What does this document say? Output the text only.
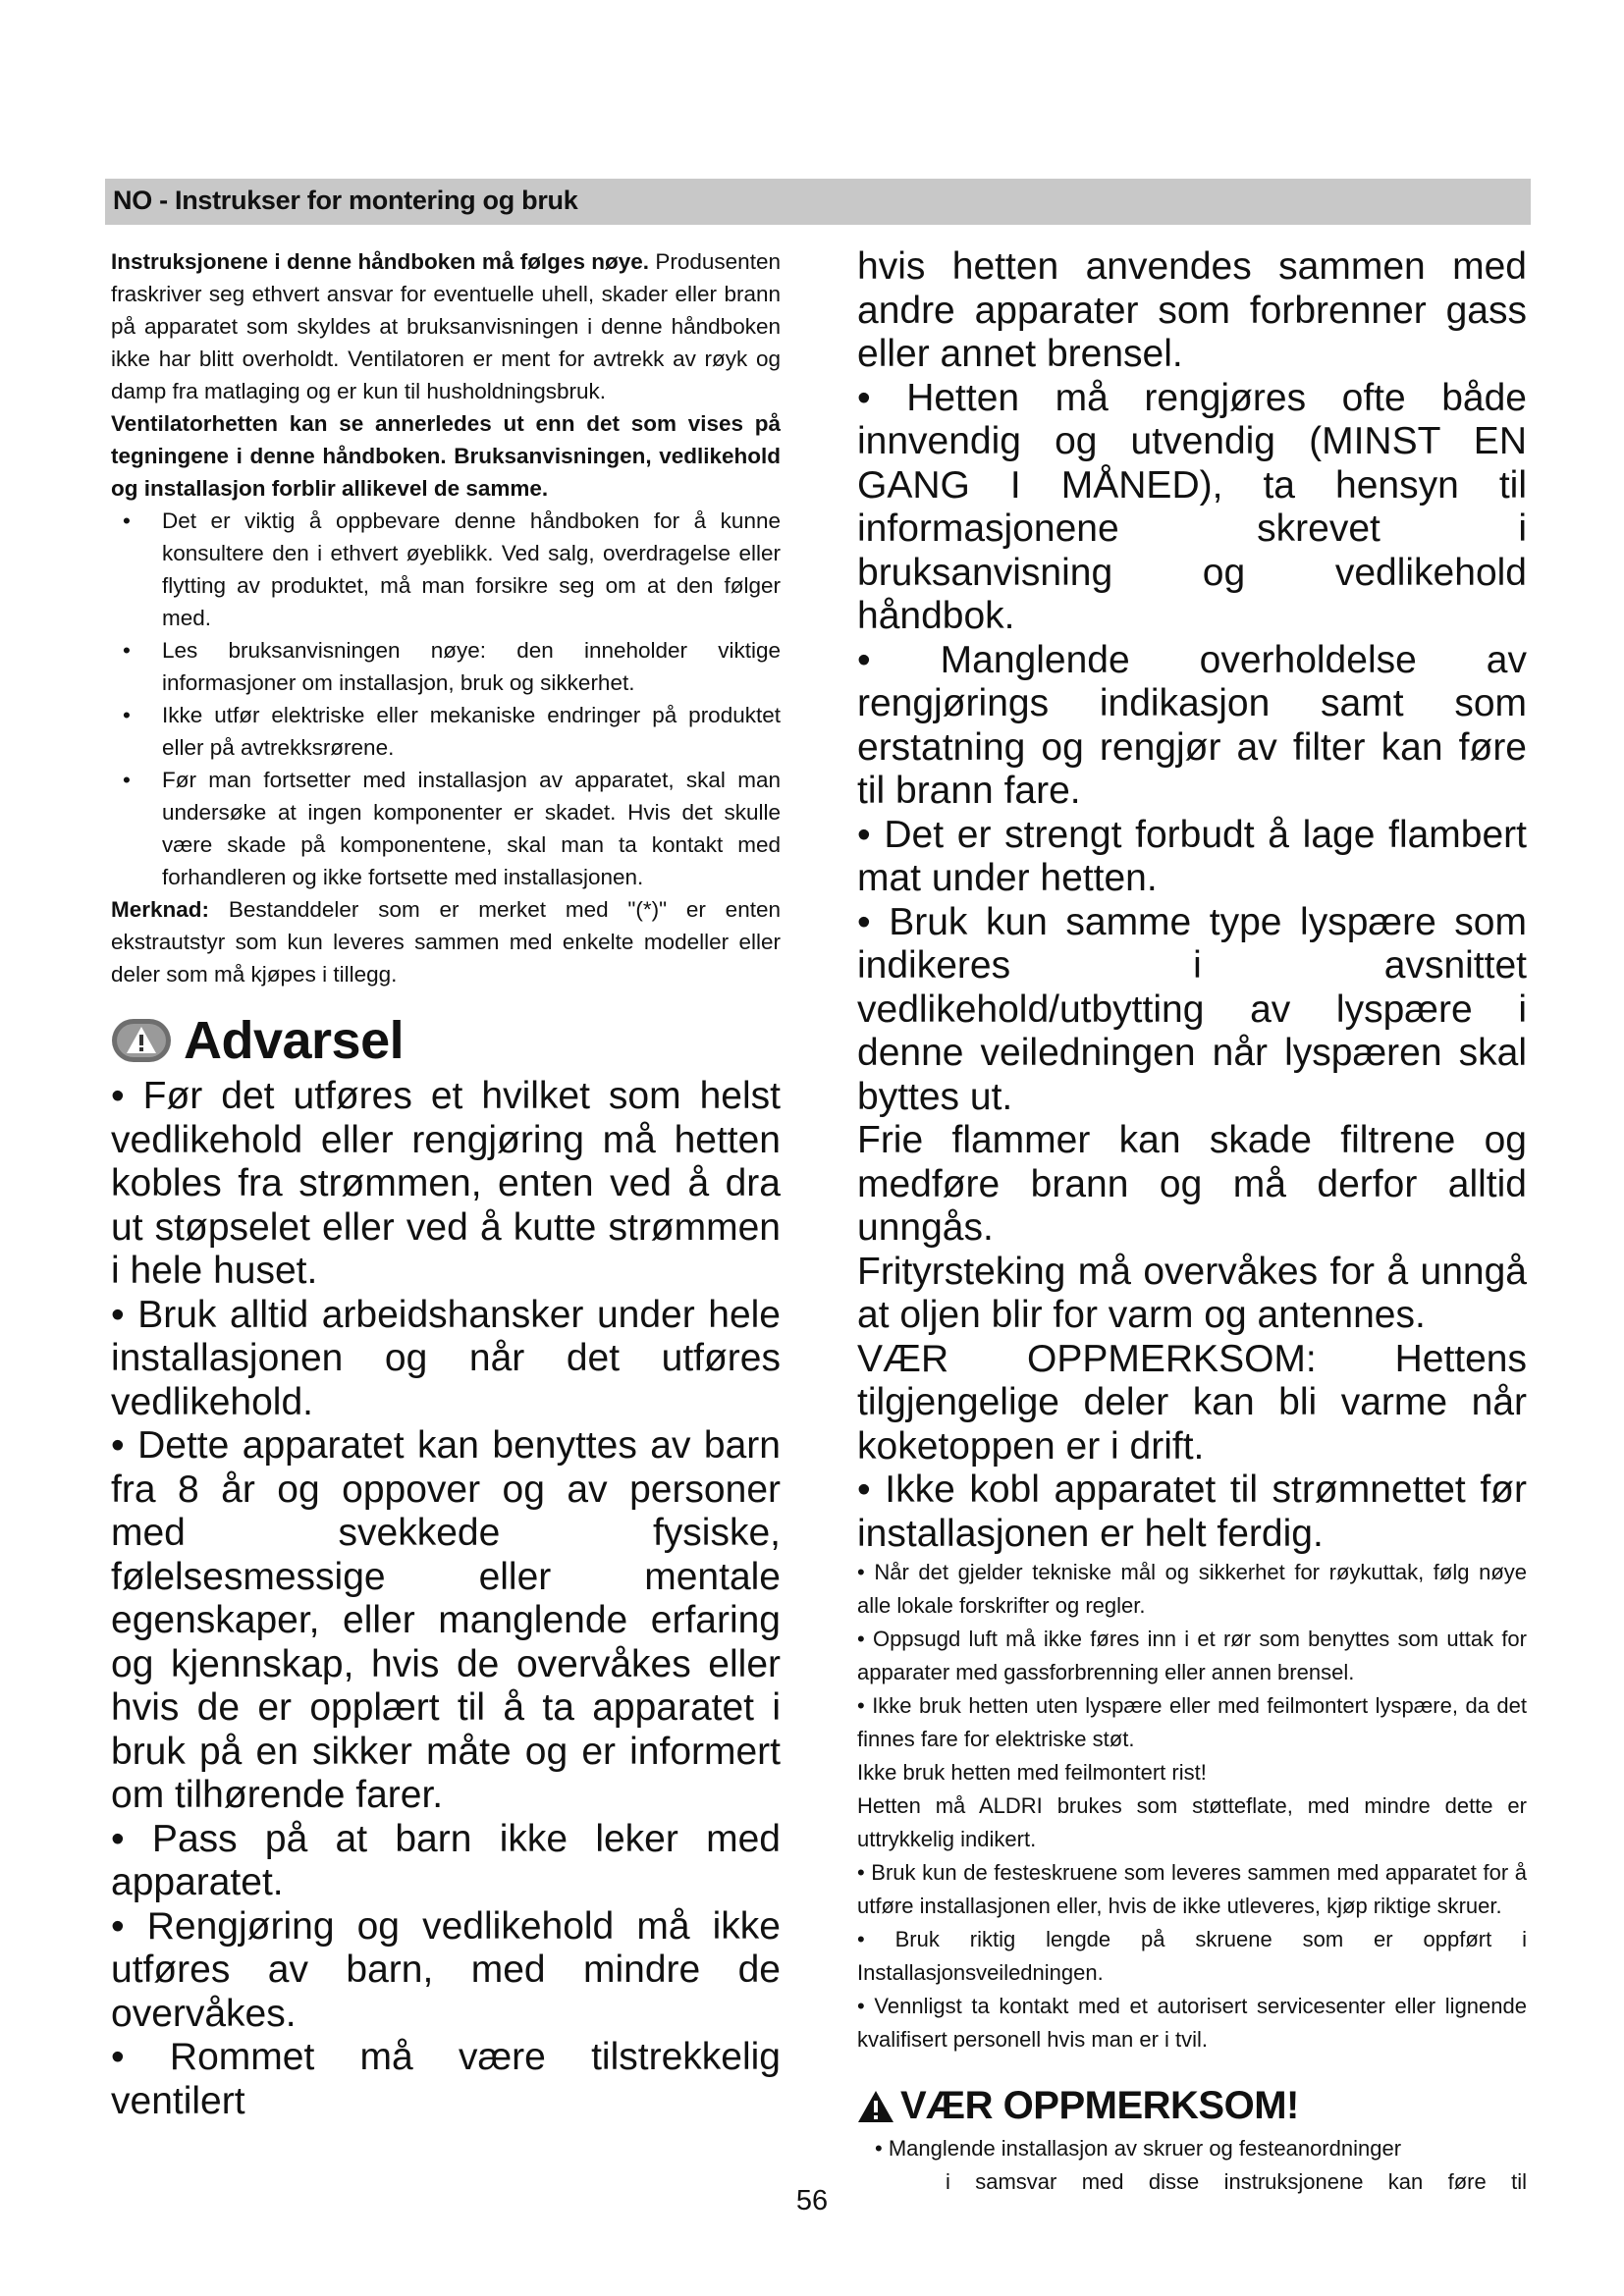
NO - Instrukser for montering og bruk

Instruksjonene i denne håndboken må følges nøye. Produsenten fraskriver seg ethvert ansvar for eventuelle uhell, skader eller brann på apparatet som skyldes at bruksanvisningen i denne håndboken ikke har blitt overholdt. Ventilatoren er ment for avtrekk av røyk og damp fra matlaging og er kun til husholdningsbruk.

Ventilatorhetten kan se annerledes ut enn det som vises på tegningene i denne håndboken. Bruksanvisningen, vedlikehold og installasjon forblir allikevel de samme.

• Det er viktig å oppbevare denne håndboken for å kunne konsultere den i ethvert øyeblikk. Ved salg, overdragelse eller flytting av produktet, må man forsikre seg om at den følger med.
• Les bruksanvisningen nøye: den inneholder viktige informasjoner om installasjon, bruk og sikkerhet.
• Ikke utfør elektriske eller mekaniske endringer på produktet eller på avtrekksrørene.
• Før man fortsetter med installasjon av apparatet, skal man undersøke at ingen komponenter er skadet. Hvis det skulle være skade på komponentene, skal man ta kontakt med forhandleren og ikke fortsette med installasjonen.

Merknad: Bestanddeler som er merket med "(*)" er enten ekstrautstyr som kun leveres sammen med enkelte modeller eller deler som må kjøpes i tillegg.

Advarsel

• Før det utføres et hvilket som helst vedlikehold eller rengjøring må hetten kobles fra strømmen, enten ved å dra ut støpselet eller ved å kutte strømmen i hele huset.

• Bruk alltid arbeidshansker under hele installasjonen og når det utføres vedlikehold.

• Dette apparatet kan benyttes av barn fra 8 år og oppover og av personer med svekkede fysiske, følelsesmessige eller mentale egenskaper, eller manglende erfaring og kjennskap, hvis de overvåkes eller hvis de er opplært til å ta apparatet i bruk på en sikker måte og er informert om tilhørende farer.

• Pass på at barn ikke leker med apparatet.

• Rengjøring og vedlikehold må ikke utføres av barn, med mindre de overvåkes.

• Rommet må være tilstrekkelig ventilert

hvis hetten anvendes sammen med andre apparater som forbrenner gass eller annet brensel.

• Hetten må rengjøres ofte både innvendig og utvendig (MINST EN GANG I MÅNED), ta hensyn til informasjonene skrevet i bruksanvisning og vedlikehold håndbok.

• Manglende overholdelse av rengjørings indikasjon samt som erstatning og rengjør av filter kan føre til brann fare.

• Det er strengt forbudt å lage flambert mat under hetten.

• Bruk kun samme type lyspære som indikeres i avsnittet vedlikehold/utbytting av lyspære i denne veiledningen når lyspæren skal byttes ut.

Frie flammer kan skade filtrene og medføre brann og må derfor alltid unngås.

Frityrsteking må overvåkes for å unngå at oljen blir for varm og antennes.

VÆR OPPMERKSOM: Hettens tilgjengelige deler kan bli varme når koketoppen er i drift.

• Ikke kobl apparatet til strømnettet før installasjonen er helt ferdig.

• Når det gjelder tekniske mål og sikkerhet for røykuttak, følg nøye alle lokale forskrifter og regler.

• Oppsugd luft må ikke føres inn i et rør som benyttes som uttak for apparater med gassforbrenning eller annen brensel.

• Ikke bruk hetten uten lyspære eller med feilmontert lyspære, da det finnes fare for elektriske støt.

Ikke bruk hetten med feilmontert rist!

Hetten må ALDRI brukes som støtteflate, med mindre dette er uttrykkelig indikert.

• Bruk kun de festeskruene som leveres sammen med apparatet for å utføre installasjonen eller, hvis de ikke utleveres, kjøp riktige skruer.

• Bruk riktig lengde på skruene som er oppført i Installasjonsveiledningen.

• Vennligst ta kontakt med et autorisert servicesenter eller lignende kvalifisert personell hvis man er i tvil.

VÆR OPPMERKSOM!

• Manglende installasjon av skruer og festeanordninger

i samsvar med disse instruksjonene kan føre til

56
